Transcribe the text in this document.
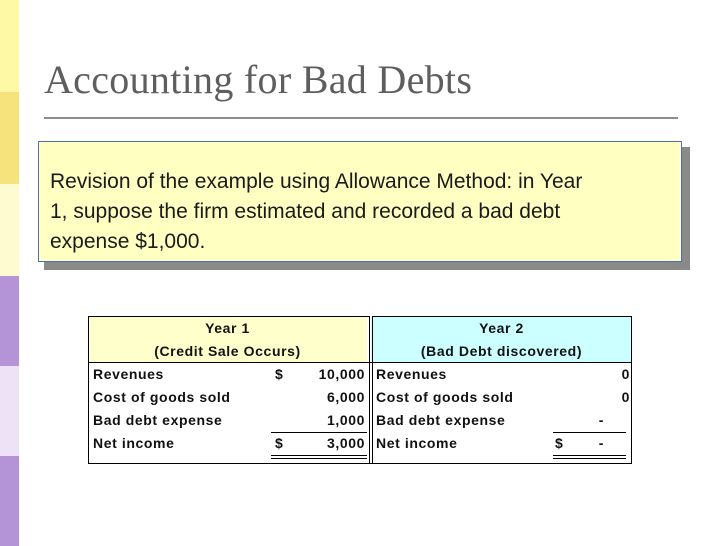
Accounting for Bad Debts
Revision of the example using Allowance Method: in Year
1, suppose the firm estimated and recorded a bad debt
expense $1,000.
Year 1				Year 2		
(Credit Sale Occurs)				(Bad Debt discovered)		
Revenues	$	10,000		Revenues		0
Cost of goods sold		6,000		Cost of goods sold		0
Bad debt expense		1,000		Bad debt expense		-
Net income	$	3,000		Net income	$	-
